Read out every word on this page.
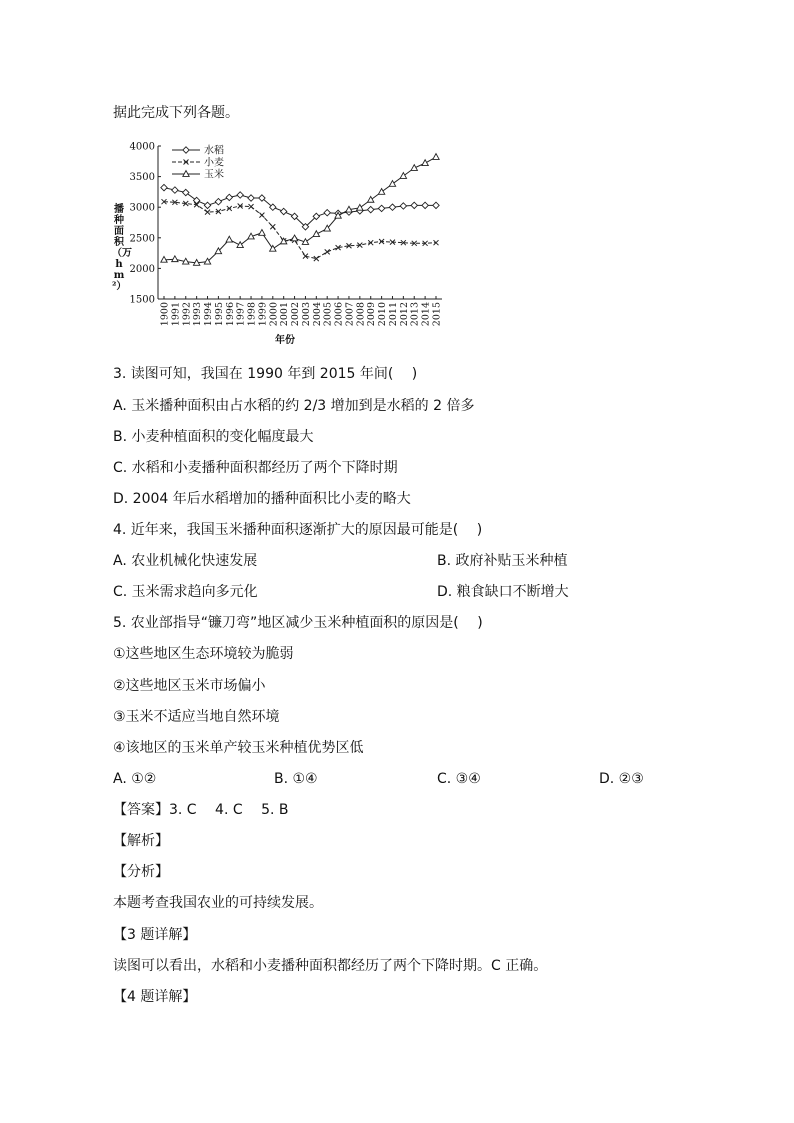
据此完成下列各题。
4000
3500
3000
2500
2000
1500
1900 1991 1992 1993 1994 1995 1996 1997 1998 1999 2000 2001 2002 2003 2004 2005 2006 2007 2008 2009 2010 2011 2012 2013 2014 2015
水稻
小麦
玉米
年份
播种面积（万hm²）
3. 读图可知，我国在 1990 年到 2015 年间(　 )
A. 玉米播种面积由占水稻的约 2/3 增加到是水稻的 2 倍多
B. 小麦种植面积的变化幅度最大
C. 水稻和小麦播种面积都经历了两个下降时期
D. 2004 年后水稻增加的播种面积比小麦的略大
4. 近年来，我国玉米播种面积逐渐扩大的原因最可能是(　 )
A. 农业机械化快速发展	B. 政府补贴玉米种植
C. 玉米需求趋向多元化	D. 粮食缺口不断增大
5. 农业部指导“镰刀弯”地区减少玉米种植面积的原因是(　 )
①这些地区生态环境较为脆弱
②这些地区玉米市场偏小
③玉米不适应当地自然环境
④该地区的玉米单产较玉米种植优势区低
A. ①②	B. ①④	C. ③④	D. ②③
【答案】3. C　 4. C　 5. B
【解析】
【分析】
本题考查我国农业的可持续发展。
【3 题详解】
读图可以看出，水稻和小麦播种面积都经历了两个下降时期。C 正确。
【4 题详解】
